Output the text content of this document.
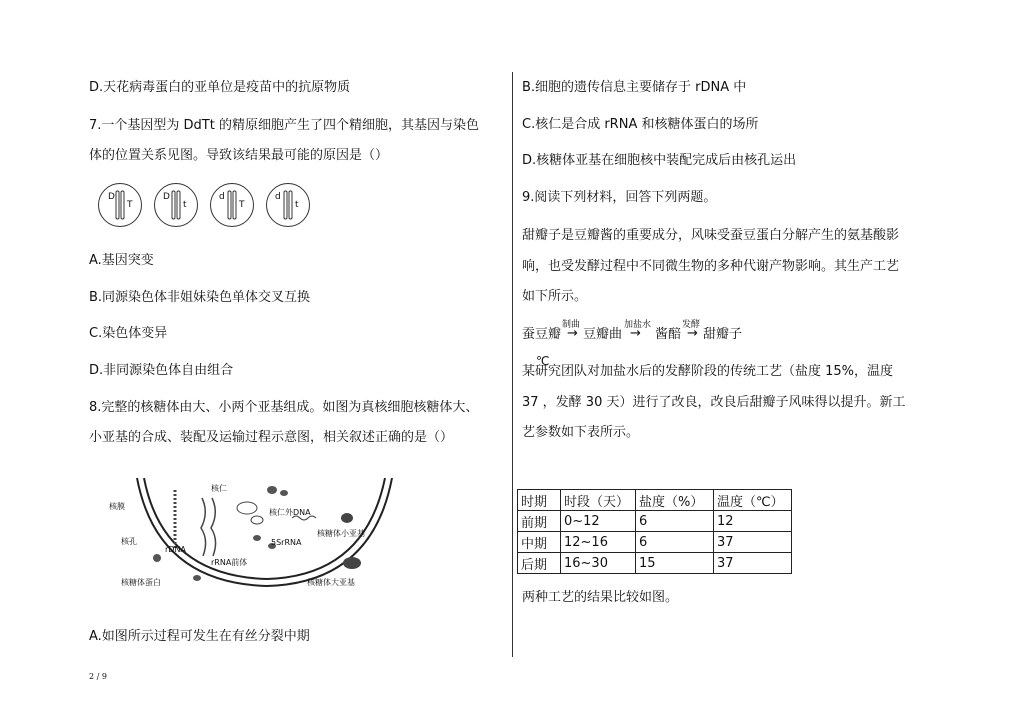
D.天花病毒蛋白的亚单位是疫苗中的抗原物质
7.一个基因型为 DdTt 的精原细胞产生了四个精细胞，其基因与染色
体的位置关系见图。导致该结果最可能的原因是（）
D
T
D
t
d
T
d
t
A.基因突变
B.同源染色体非姐妹染色单体交叉互换
C.染色体变异
D.非同源染色体自由组合
8.完整的核糖体由大、小两个亚基组成。如图为真核细胞核糖体大、
小亚基的合成、装配及运输过程示意图，相关叙述正确的是（）
核膜
核仁
核仁外DNA
核糖体小亚基
核孔
rDNA
5SrRNA
rRNA前体
核糖体蛋白	核糖体大亚基
A.如图所示过程可发生在有丝分裂中期
B.细胞的遗传信息主要储存于 rDNA 中
C.核仁是合成 rRNA 和核糖体蛋白的场所
D.核糖体亚基在细胞核中装配完成后由核孔运出
9.阅读下列材料，回答下列两题。
甜瓣子是豆瓣酱的重要成分，风味受蚕豆蛋白分解产生的氨基酸影
响，也受发酵过程中不同微生物的多种代谢产物影响。其生产工艺
如下所示。
蚕豆瓣
制曲
→ 豆瓣曲
加盐水
→ 酱醅
发酵
→ 甜瓣子
℃
某研究团队对加盐水后的发酵阶段的传统工艺（盐度 15%，温度
37 ，发酵 30 天）进行了改良，改良后甜瓣子风味得以提升。新工
艺参数如下表所示。
时期	时段（天）	盐度（%）	温度（℃）
前期	0~12	6	12
中期	12~16	6	37
后期	16~30	15	37
两种工艺的结果比较如图。
2 / 9
